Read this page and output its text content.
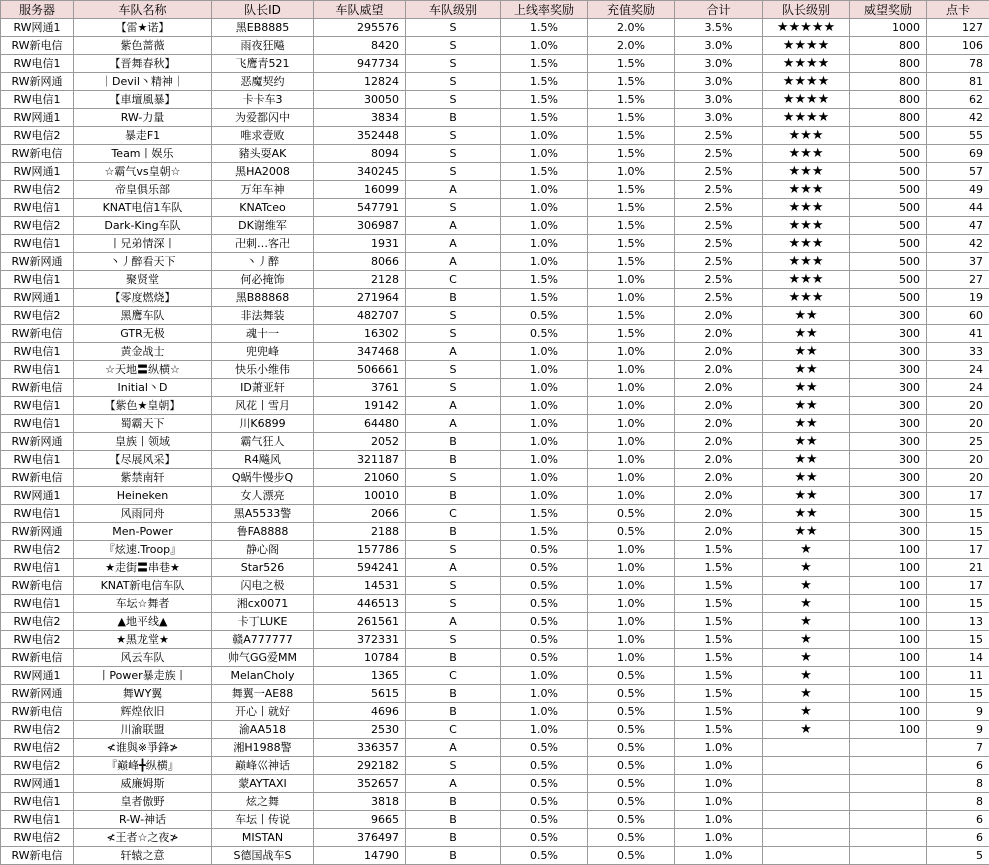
服务器	车队名称	队长ID	车队威望	车队级别	上线率奖励	充值奖励	合计	队长级别	威望奖励	点卡
RW网通1	【雷★诺】	黑EB8885	295576	S	1.5%	2.0%	3.5%	★★★★★	1000	127
RW新电信	紫色蔷薇	雨夜狂飚	8420	S	1.0%	2.0%	3.0%	★★★★	800	106
RW电信1	【晋舞春秋】	飞鹰青521	947734	S	1.5%	1.5%	3.0%	★★★★	800	78
RW新网通	｜Devil丶精神｜	恶魔契约	12824	S	1.5%	1.5%	3.0%	★★★★	800	81
RW电信1	【車壇風暴】	卡卡车3	30050	S	1.5%	1.5%	3.0%	★★★★	800	62
RW网通1	RW-力量	为爱都闪中	3834	B	1.5%	1.5%	3.0%	★★★★	800	42
RW电信2	暴走F1	唯求壹败	352448	S	1.0%	1.5%	2.5%	★★★	500	55
RW新电信	Team丨娱乐	豬头耍AK	8094	S	1.0%	1.5%	2.5%	★★★	500	69
RW网通1	☆霸气vs皇朝☆	黑HA2008	340245	S	1.5%	1.0%	2.5%	★★★	500	57
RW电信2	帝皇俱乐部	万年车神	16099	A	1.0%	1.5%	2.5%	★★★	500	49
RW电信1	KNAT电信1车队	KNATceo	547791	S	1.0%	1.5%	2.5%	★★★	500	44
RW电信2	Dark-King车队	DK谢维军	306987	A	1.0%	1.5%	2.5%	★★★	500	47
RW电信1	丨兄弟情深丨	卍刺…客卍	1931	A	1.0%	1.5%	2.5%	★★★	500	42
RW新网通	丶丿醉看天下	丶丿醉	8066	A	1.0%	1.5%	2.5%	★★★	500	37
RW电信1	聚贤堂	何必掩饰	2128	C	1.5%	1.0%	2.5%	★★★	500	27
RW网通1	【零度燃烧】	黑B88868	271964	B	1.5%	1.0%	2.5%	★★★	500	19
RW电信2	黑鹰车队	非法舞装	482707	S	0.5%	1.5%	2.0%	★★	300	60
RW新电信	GTR无极	魂十一	16302	S	0.5%	1.5%	2.0%	★★	300	41
RW电信1	黄金战士	兜兜峰	347468	A	1.0%	1.0%	2.0%	★★	300	33
RW电信1	☆天地〓纵横☆	快乐小维伟	506661	S	1.0%	1.0%	2.0%	★★	300	24
RW新电信	Initial丶D	ID萧亚轩	3761	S	1.0%	1.0%	2.0%	★★	300	24
RW电信1	【紫色★皇朝】	风花丨雪月	19142	A	1.0%	1.0%	2.0%	★★	300	20
RW电信1	蜀霸天下	川K6899	64480	A	1.0%	1.0%	2.0%	★★	300	20
RW新网通	皇族丨领域	霸气狂人	2052	B	1.0%	1.0%	2.0%	★★	300	25
RW电信1	【尽展风采】	R4飚风	321187	B	1.0%	1.0%	2.0%	★★	300	20
RW新电信	紫禁南轩	Q蜗牛慢步Q	21060	S	1.0%	1.0%	2.0%	★★	300	20
RW网通1	Heineken	女人漂亮	10010	B	1.0%	1.0%	2.0%	★★	300	17
RW电信1	风雨同舟	黑A5533警	2066	C	1.5%	0.5%	2.0%	★★	300	15
RW新网通	Men-Power	鲁FA8888	2188	B	1.5%	0.5%	2.0%	★★	300	15
RW电信2	『炫速.Troop』	静心阁	157786	S	0.5%	1.0%	1.5%	★	100	17
RW电信1	★走街〓串巷★	Star526	594241	A	0.5%	1.0%	1.5%	★	100	21
RW新电信	KNAT新电信车队	闪电之极	14531	S	0.5%	1.0%	1.5%	★	100	17
RW电信1	车坛☆舞者	湘cx0071	446513	S	0.5%	1.0%	1.5%	★	100	15
RW电信2	▲地平线▲	卡丁LUKE	261561	A	0.5%	1.0%	1.5%	★	100	13
RW电信2	★黑龙堂★	赣A777777	372331	S	0.5%	1.0%	1.5%	★	100	15
RW新电信	风云车队	帅气GG爱MM	10784	B	0.5%	1.0%	1.5%	★	100	14
RW网通1	丨Power暴走族丨	MelanCholy	1365	C	1.0%	0.5%	1.5%	★	100	11
RW新网通	舞WY翼	舞翼一AE88	5615	B	1.0%	0.5%	1.5%	★	100	15
RW新电信	辉煌依旧	开心丨就好	4696	B	1.0%	0.5%	1.5%	★	100	9
RW电信2	川渝联盟	渝AA518	2530	C	1.0%	0.5%	1.5%	★	100	9
RW电信2	≮谁與※爭鋒≯	湘H1988警	336357	A	0.5%	0.5%	1.0%			7
RW电信2	『巅峰╋纵横』	巅峰巛神话	292182	S	0.5%	0.5%	1.0%			6
RW网通1	威廉姆斯	蒙AYTAXI	352657	A	0.5%	0.5%	1.0%			8
RW电信1	皇者傲野	炫之舞	3818	B	0.5%	0.5%	1.0%			8
RW电信1	R-W-神话	车坛丨传说	9665	B	0.5%	0.5%	1.0%			6
RW电信2	≮王者☆之夜≯	MISTAN	376497	B	0.5%	0.5%	1.0%			6
RW新电信	轩辕之意	S德国战车S	14790	B	0.5%	0.5%	1.0%			5
